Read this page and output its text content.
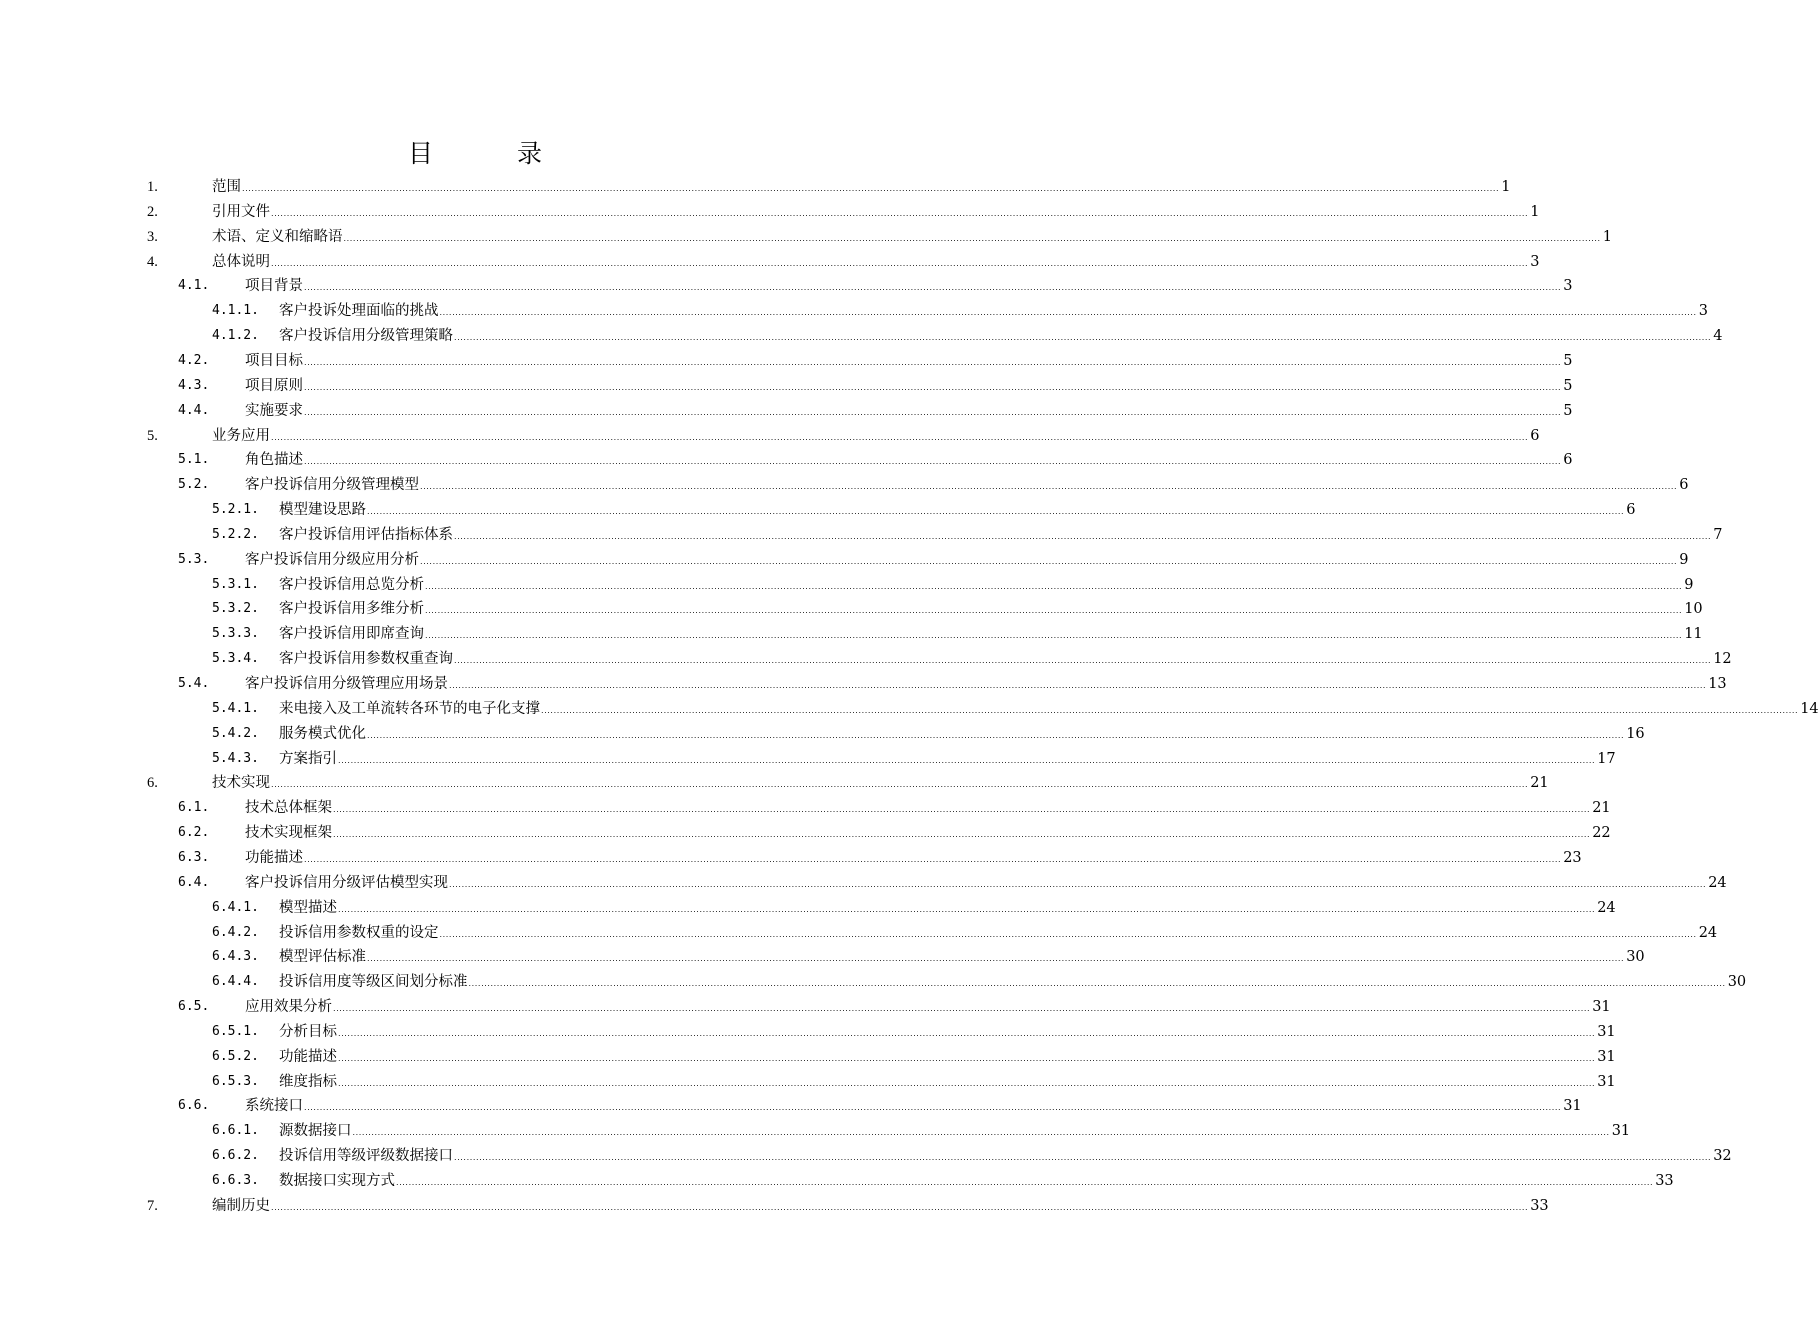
目 录
1.	范围 ................................................................................................................................................................................................................................................................................................................................................................................................................ 1
2.	引用文件 ................................................................................................................................................................................................................................................................................................................................................................................................................ 1
3.	术语、定义和缩略语 ................................................................................................................................................................................................................................................................................................................................................................................................................ 1
4.	总体说明 ................................................................................................................................................................................................................................................................................................................................................................................................................ 3
4.1. 项目背景 ................................................................................................................................................................................................................................................................................................................................................................................................................ 3
4.1.1. 客户投诉处理面临的挑战 ................................................................................................................................................................................................................................................................................................................................................................................................................ 3
4.1.2. 客户投诉信用分级管理策略 ................................................................................................................................................................................................................................................................................................................................................................................................................ 4
4.2. 项目目标 ................................................................................................................................................................................................................................................................................................................................................................................................................ 5
4.3. 项目原则 ................................................................................................................................................................................................................................................................................................................................................................................................................ 5
4.4. 实施要求 ................................................................................................................................................................................................................................................................................................................................................................................................................ 5
5.	业务应用 ................................................................................................................................................................................................................................................................................................................................................................................................................ 6
5.1. 角色描述 ................................................................................................................................................................................................................................................................................................................................................................................................................ 6
5.2. 客户投诉信用分级管理模型 ................................................................................................................................................................................................................................................................................................................................................................................................................ 6
5.2.1. 模型建设思路 ................................................................................................................................................................................................................................................................................................................................................................................................................ 6
5.2.2. 客户投诉信用评估指标体系 ................................................................................................................................................................................................................................................................................................................................................................................................................ 7
5.3. 客户投诉信用分级应用分析 ................................................................................................................................................................................................................................................................................................................................................................................................................ 9
5.3.1. 客户投诉信用总览分析 ................................................................................................................................................................................................................................................................................................................................................................................................................ 9
5.3.2. 客户投诉信用多维分析 ................................................................................................................................................................................................................................................................................................................................................................................................................ 10
5.3.3. 客户投诉信用即席查询 ................................................................................................................................................................................................................................................................................................................................................................................................................ 11
5.3.4. 客户投诉信用参数权重查询 ................................................................................................................................................................................................................................................................................................................................................................................................................ 12
5.4. 客户投诉信用分级管理应用场景 ................................................................................................................................................................................................................................................................................................................................................................................................................ 13
5.4.1. 来电接入及工单流转各环节的电子化支撑 ................................................................................................................................................................................................................................................................................................................................................................................................................ 14
5.4.2. 服务模式优化 ................................................................................................................................................................................................................................................................................................................................................................................................................ 16
5.4.3. 方案指引 ................................................................................................................................................................................................................................................................................................................................................................................................................ 17
6.	技术实现 ................................................................................................................................................................................................................................................................................................................................................................................................................ 21
6.1. 技术总体框架 ................................................................................................................................................................................................................................................................................................................................................................................................................ 21
6.2. 技术实现框架 ................................................................................................................................................................................................................................................................................................................................................................................................................ 22
6.3. 功能描述 ................................................................................................................................................................................................................................................................................................................................................................................................................ 23
6.4. 客户投诉信用分级评估模型实现 ................................................................................................................................................................................................................................................................................................................................................................................................................ 24
6.4.1. 模型描述 ................................................................................................................................................................................................................................................................................................................................................................................................................ 24
6.4.2. 投诉信用参数权重的设定 ................................................................................................................................................................................................................................................................................................................................................................................................................ 24
6.4.3. 模型评估标准 ................................................................................................................................................................................................................................................................................................................................................................................................................ 30
6.4.4. 投诉信用度等级区间划分标准 ................................................................................................................................................................................................................................................................................................................................................................................................................ 30
6.5. 应用效果分析 ................................................................................................................................................................................................................................................................................................................................................................................................................ 31
6.5.1. 分析目标 ................................................................................................................................................................................................................................................................................................................................................................................................................ 31
6.5.2. 功能描述 ................................................................................................................................................................................................................................................................................................................................................................................................................ 31
6.5.3. 维度指标 ................................................................................................................................................................................................................................................................................................................................................................................................................ 31
6.6. 系统接口 ................................................................................................................................................................................................................................................................................................................................................................................................................ 31
6.6.1. 源数据接口 ................................................................................................................................................................................................................................................................................................................................................................................................................ 31
6.6.2. 投诉信用等级评级数据接口 ................................................................................................................................................................................................................................................................................................................................................................................................................ 32
6.6.3. 数据接口实现方式 ................................................................................................................................................................................................................................................................................................................................................................................................................ 33
7.	编制历史 ................................................................................................................................................................................................................................................................................................................................................................................................................ 33
